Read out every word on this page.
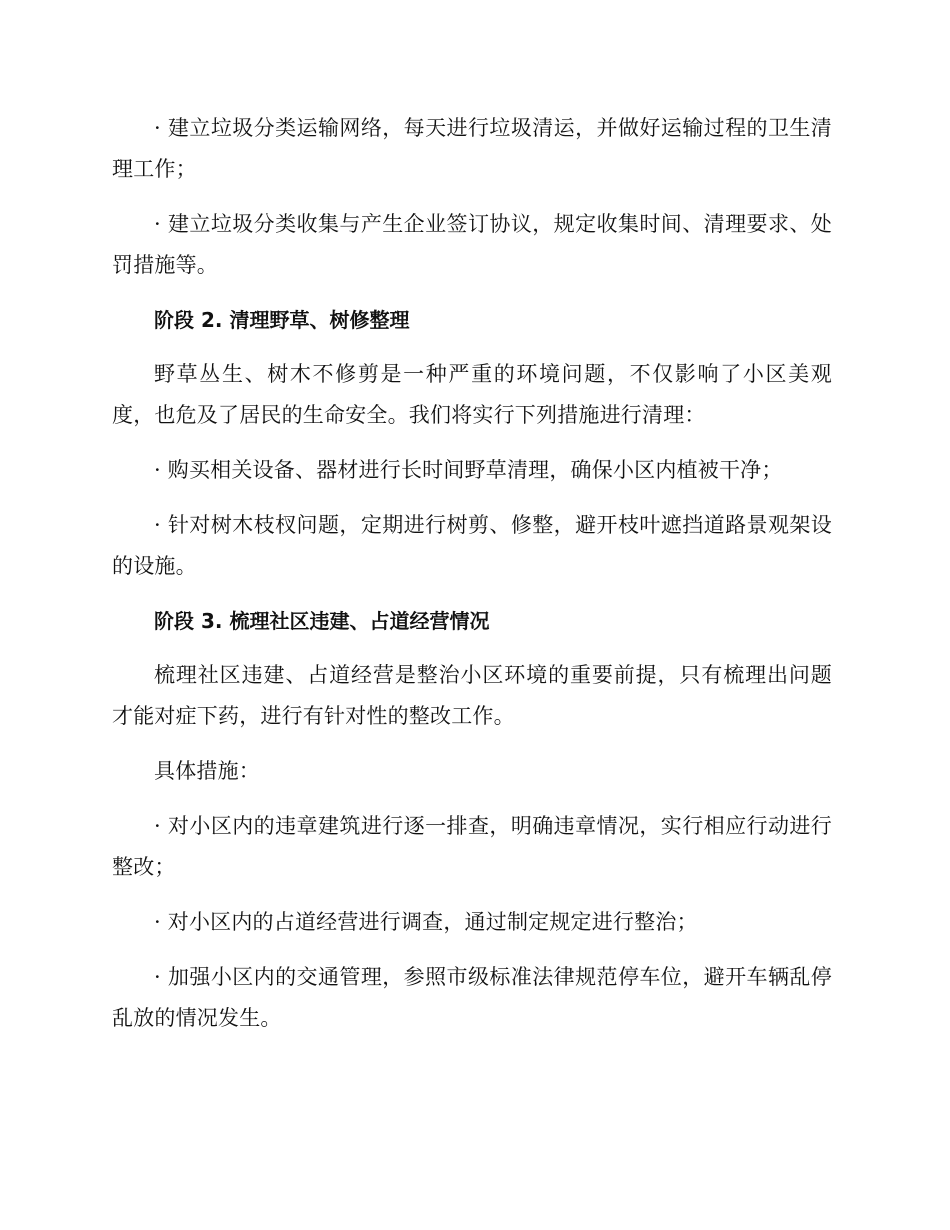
· 建立垃圾分类运输网络，每天进行垃圾清运，并做好运输过程的卫生清理工作；

· 建立垃圾分类收集与产生企业签订协议，规定收集时间、清理要求、处罚措施等。

阶段 2. 清理野草、树修整理

野草丛生、树木不修剪是一种严重的环境问题，不仅影响了小区美观度，也危及了居民的生命安全。我们将实行下列措施进行清理：

· 购买相关设备、器材进行长时间野草清理，确保小区内植被干净；

· 针对树木枝杈问题，定期进行树剪、修整，避开枝叶遮挡道路景观架设的设施。

阶段 3. 梳理社区违建、占道经营情况

梳理社区违建、占道经营是整治小区环境的重要前提，只有梳理出问题才能对症下药，进行有针对性的整改工作。

具体措施：

· 对小区内的违章建筑进行逐一排查，明确违章情况，实行相应行动进行整改；

· 对小区内的占道经营进行调查，通过制定规定进行整治；

· 加强小区内的交通管理，参照市级标准法律规范停车位，避开车辆乱停乱放的情况发生。
